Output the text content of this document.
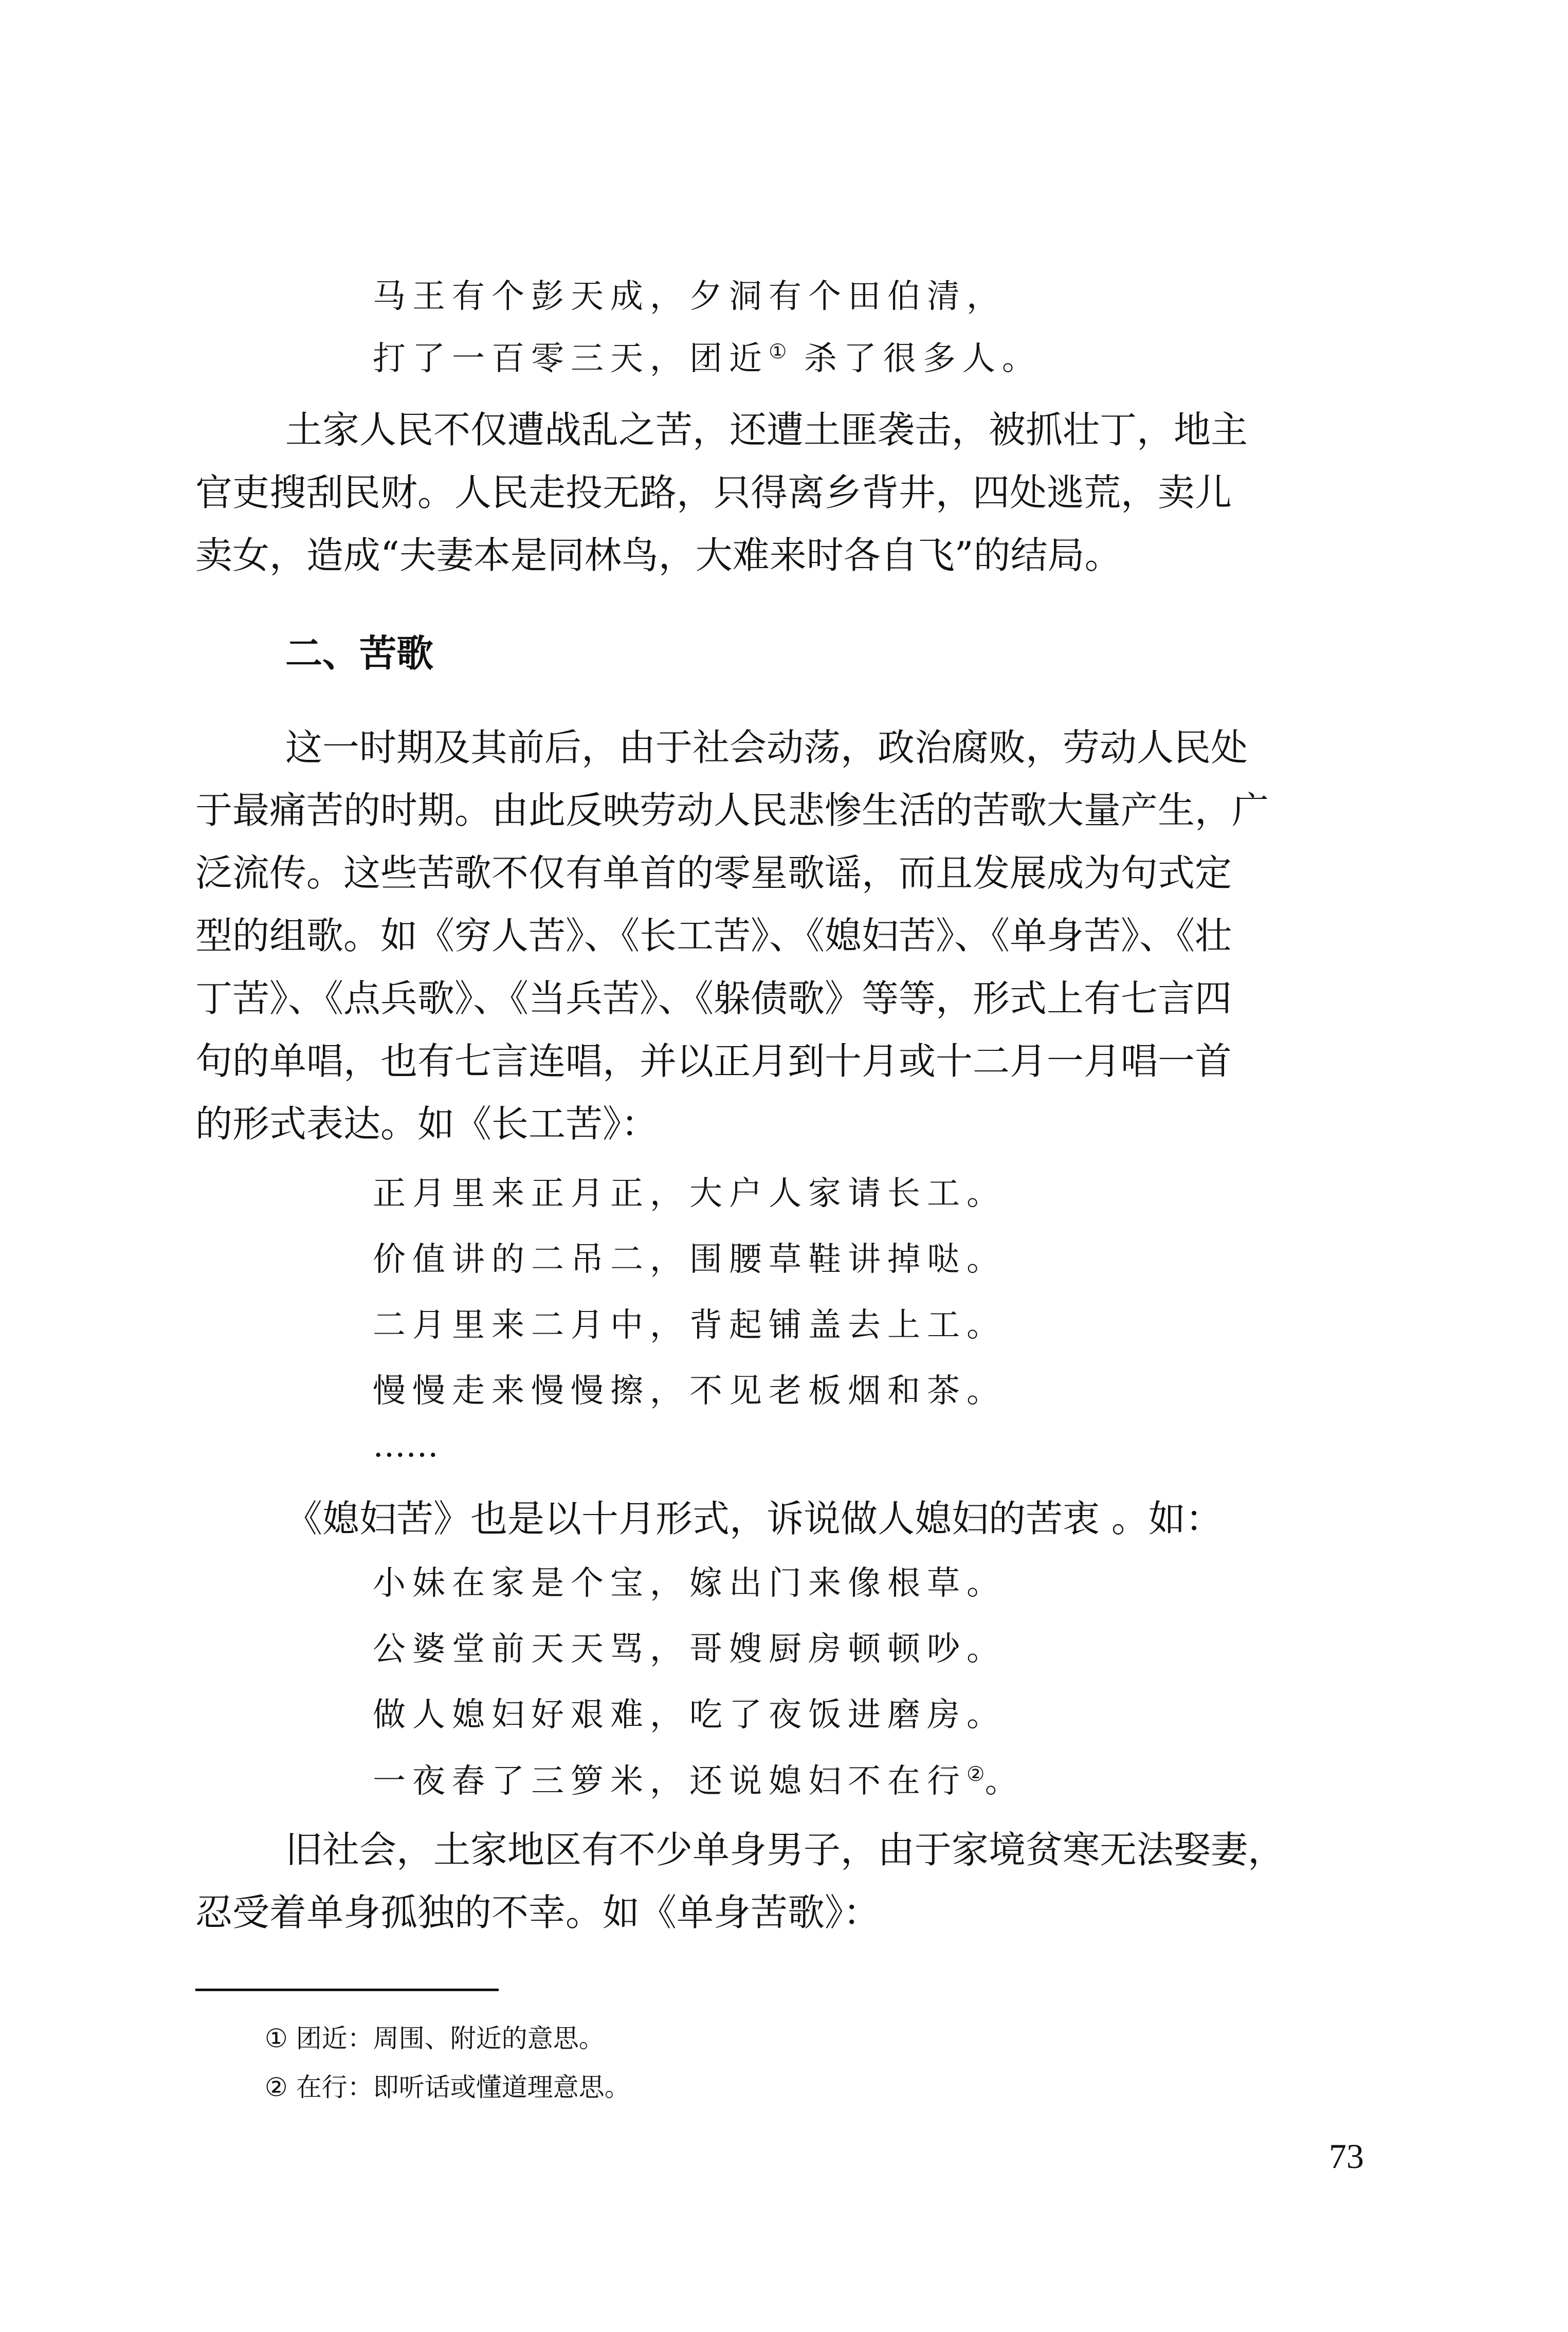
马王有个彭天成，夕洞有个田伯清，
打了一百零三天，团近① 杀了很多人。
土家人民不仅遭战乱之苦，还遭土匪袭击，被抓壮丁，地主
官吏搜刮民财。人民走投无路，只得离乡背井，四处逃荒，卖儿
卖女，造成“夫妻本是同林鸟，大难来时各自飞”的结局。
二、苦歌
这一时期及其前后，由于社会动荡，政治腐败，劳动人民处
于最痛苦的时期。由此反映劳动人民悲惨生活的苦歌大量产生，广
泛流传。这些苦歌不仅有单首的零星歌谣，而且发展成为句式定
型的组歌。如《穷人苦》、《长工苦》、《媳妇苦》、《单身苦》、《壮
丁苦》、《点兵歌》、《当兵苦》、《躲债歌》等等，形式上有七言四
句的单唱，也有七言连唱，并以正月到十月或十二月一月唱一首
的形式表达。如《长工苦》：
正月里来正月正，大户人家请长工。
价值讲的二吊二，围腰草鞋讲掉哒。
二月里来二月中，背起铺盖去上工。
慢慢走来慢慢擦，不见老板烟和茶。
……
《媳妇苦》也是以十月形式，诉说做人媳妇的苦衷 。如：
小妹在家是个宝，嫁出门来像根草。
公婆堂前天天骂，哥嫂厨房顿顿吵。
做人媳妇好艰难，吃了夜饭进磨房。
一夜舂了三箩米，还说媳妇不在行②。
旧社会，土家地区有不少单身男子，由于家境贫寒无法娶妻，
忍受着单身孤独的不幸。如《单身苦歌》：
① 团近：周围、附近的意思。
② 在行：即听话或懂道理意思。
73
